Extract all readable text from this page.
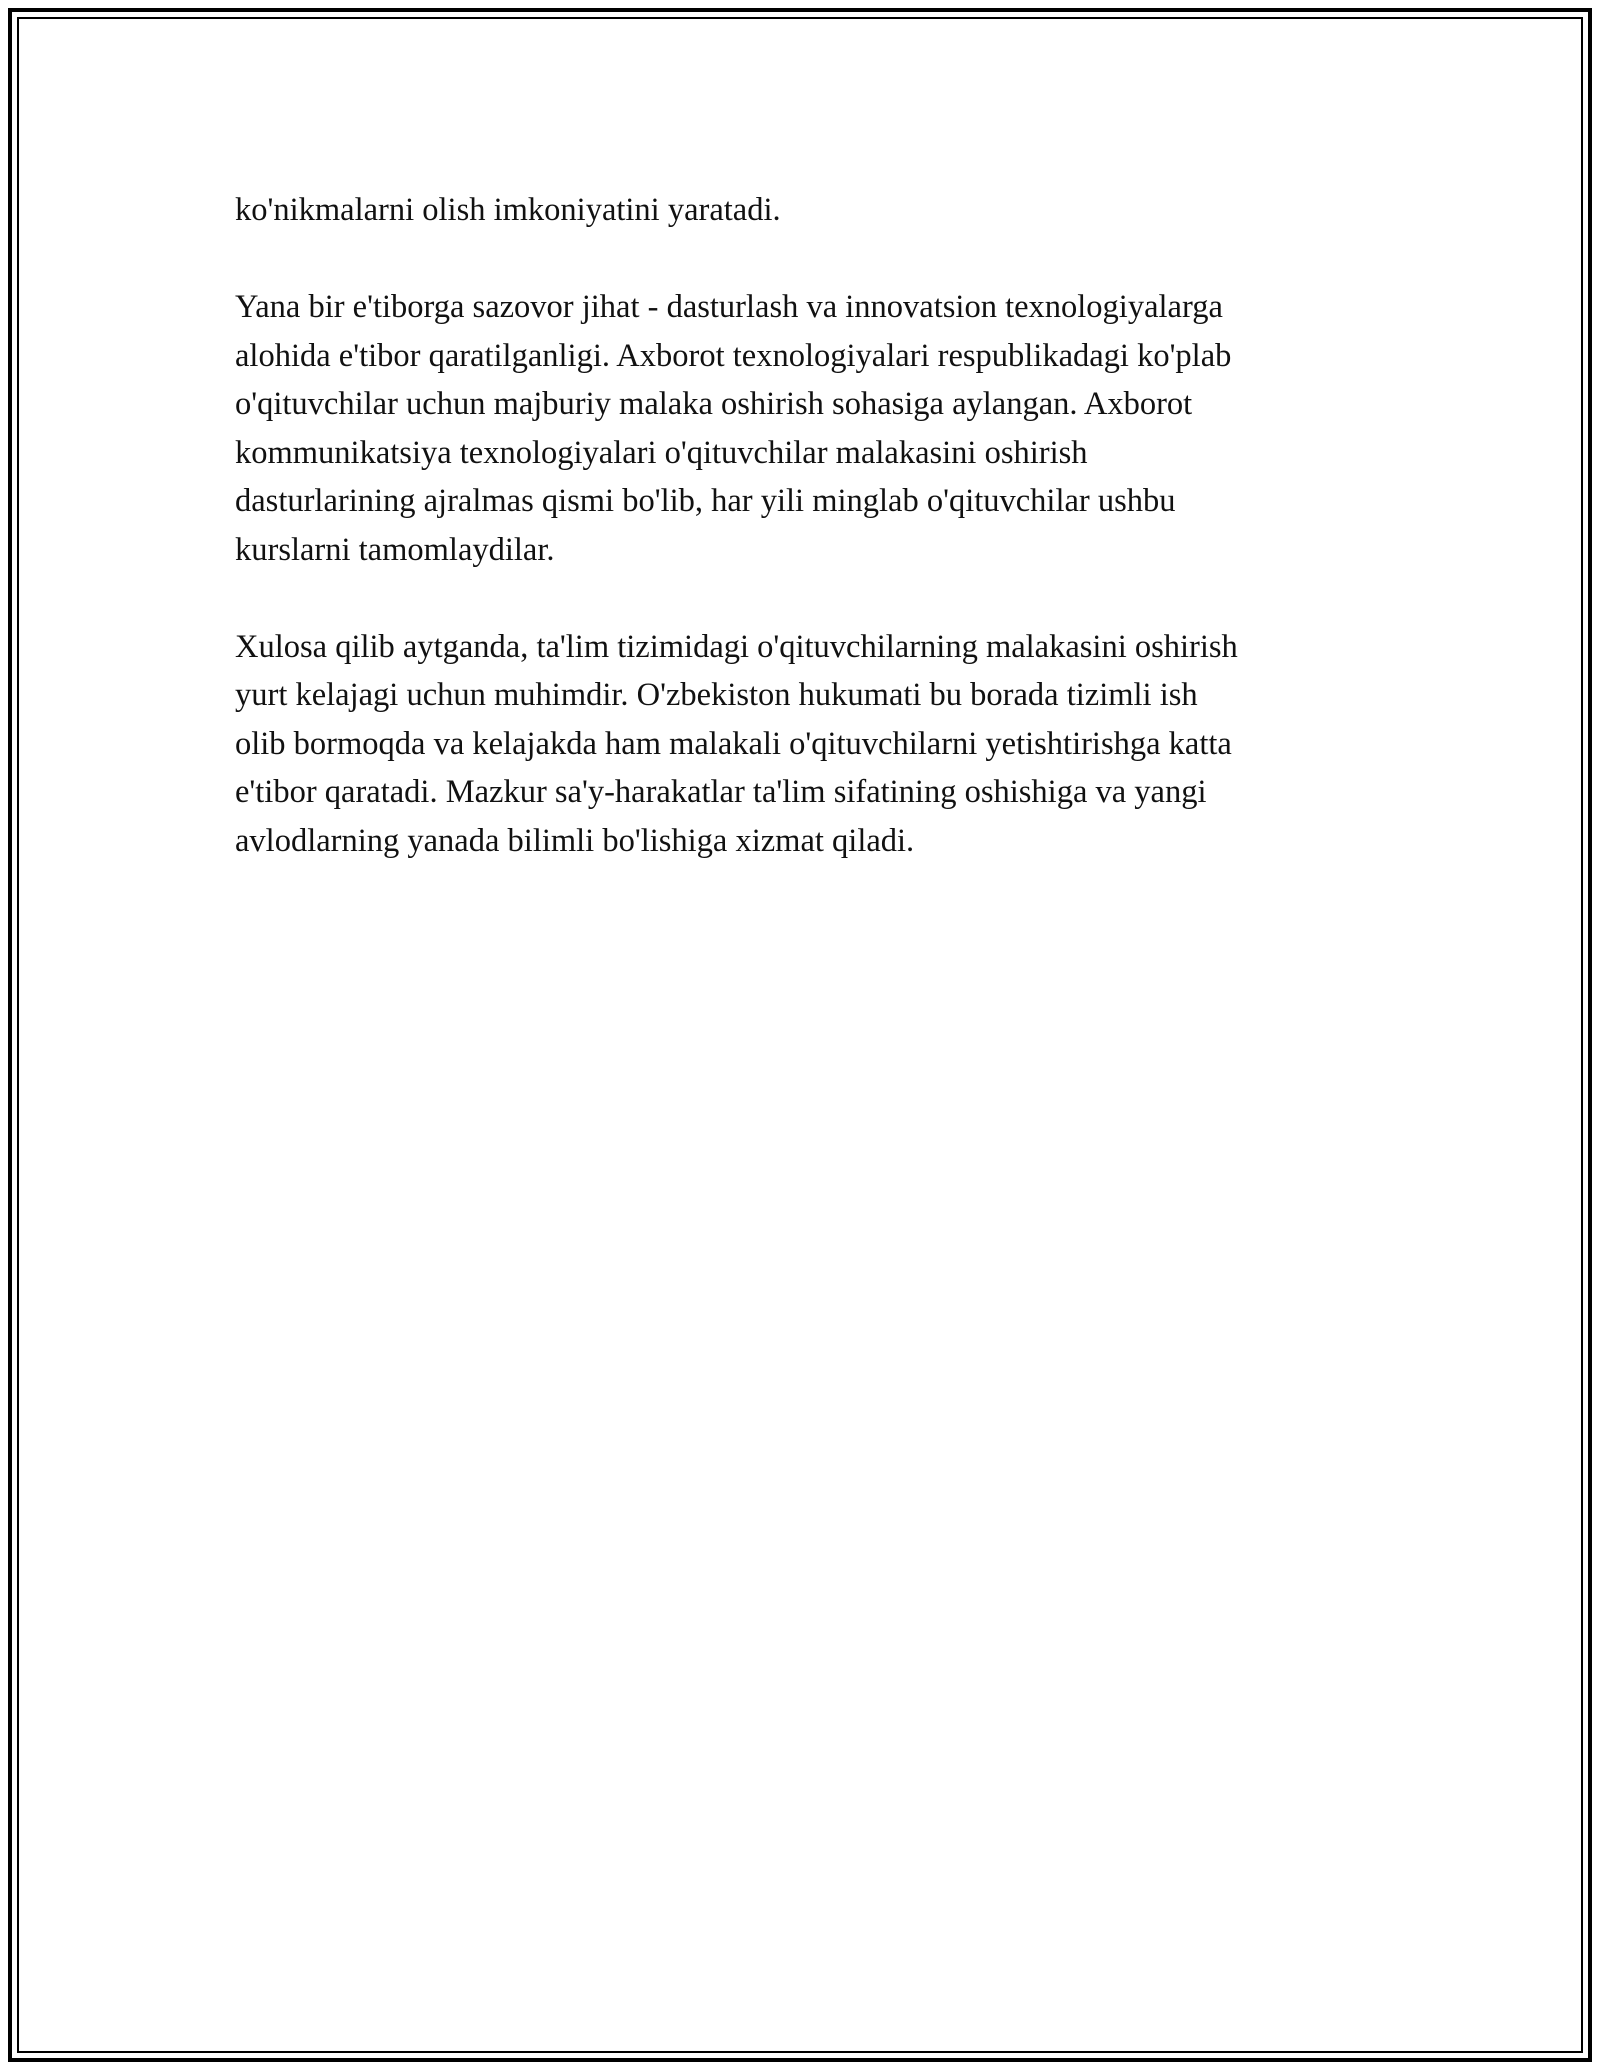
ko'nikmalarni olish imkoniyatini yaratadi.

Yana bir e'tiborga sazovor jihat - dasturlash va innovatsion texnologiyalarga
alohida e'tibor qaratilganligi. Axborot texnologiyalari respublikadagi ko'plab
o'qituvchilar uchun majburiy malaka oshirish sohasiga aylangan. Axborot
kommunikatsiya texnologiyalari o'qituvchilar malakasini oshirish
dasturlarining ajralmas qismi bo'lib, har yili minglab o'qituvchilar ushbu
kurslarni tamomlaydilar.

Xulosa qilib aytganda, ta'lim tizimidagi o'qituvchilarning malakasini oshirish
yurt kelajagi uchun muhimdir. O'zbekiston hukumati bu borada tizimli ish
olib bormoqda va kelajakda ham malakali o'qituvchilarni yetishtirishga katta
e'tibor qaratadi. Mazkur sa'y-harakatlar ta'lim sifatining oshishiga va yangi
avlodlarning yanada bilimli bo'lishiga xizmat qiladi.
